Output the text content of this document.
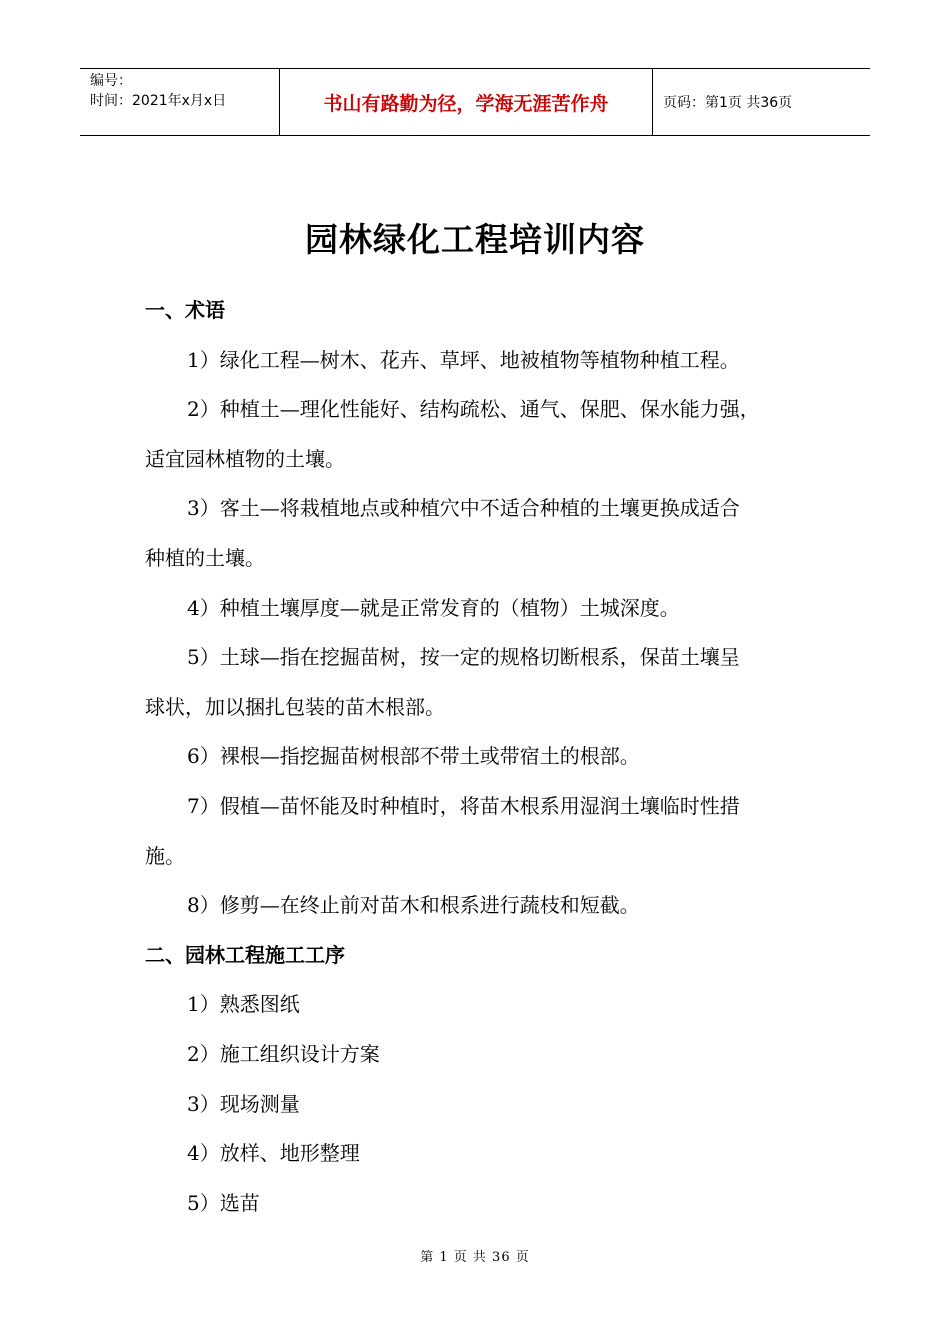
编号：
时间：2021年x月x日	书山有路勤为径，学海无涯苦作舟	页码：第1页 共36页
园林绿化工程培训内容
一、术语
1）绿化工程—树木、花卉、草坪、地被植物等植物种植工程。
2）种植土—理化性能好、结构疏松、通气、保肥、保水能力强，
适宜园林植物的土壤。
3）客土—将栽植地点或种植穴中不适合种植的土壤更换成适合
种植的土壤。
4）种植土壤厚度—就是正常发育的（植物）土城深度。
5）土球—指在挖掘苗树，按一定的规格切断根系，保苗土壤呈
球状，加以捆扎包装的苗木根部。
6）裸根—指挖掘苗树根部不带土或带宿土的根部。
7）假植—苗怀能及时种植时，将苗木根系用湿润土壤临时性措
施。
8）修剪—在终止前对苗木和根系进行蔬枝和短截。
二、园林工程施工工序
1）熟悉图纸
2）施工组织设计方案
3）现场测量
4）放样、地形整理
5）选苗
第 1 页 共 36 页
